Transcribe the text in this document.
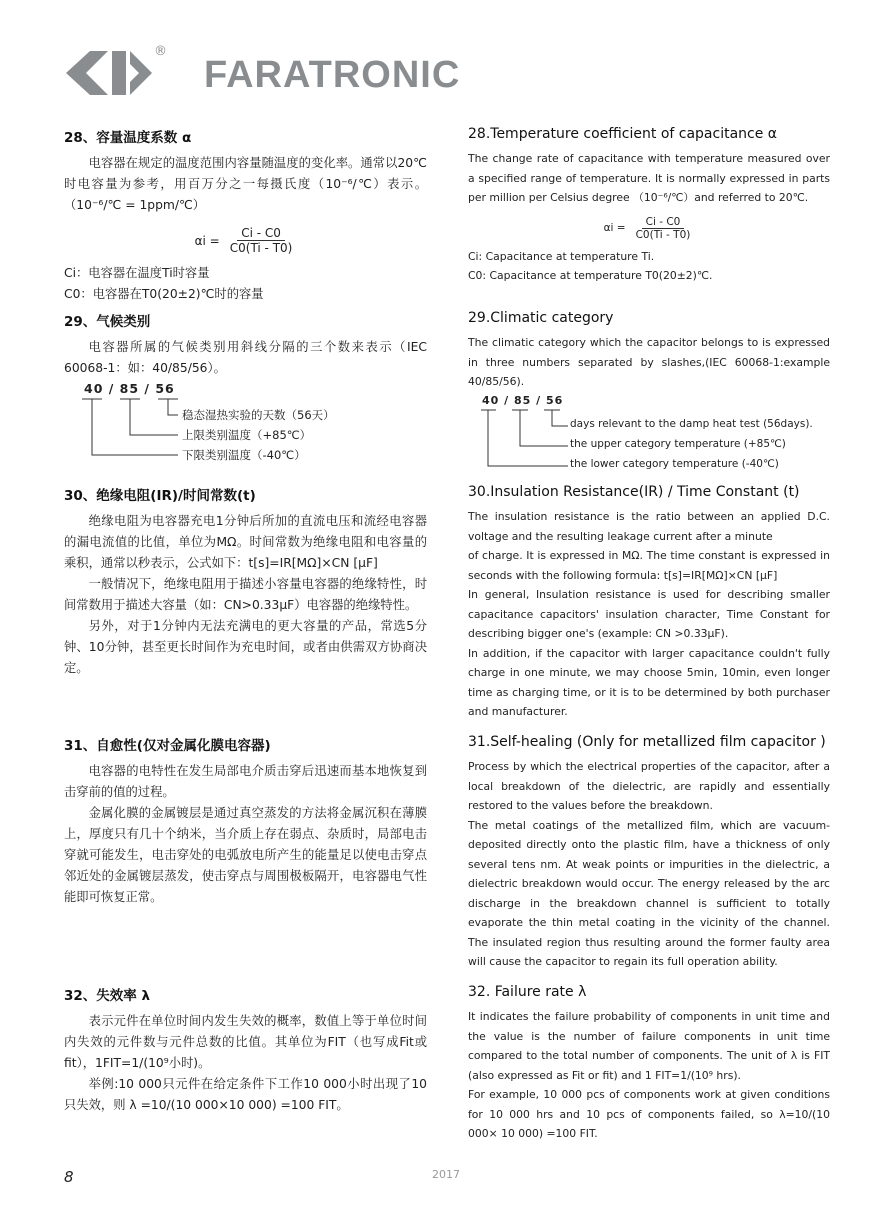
®
FARATRONIC
28、容量温度系数 α

电容器在规定的温度范围内容量随温度的变化率。通常以20℃时电容量为参考，用百万分之一每摄氏度（10⁻⁶/℃）表示。（10⁻⁶/℃ = 1ppm/℃）

$\alpha i = \frac{Ci - C0}{C0(Ti - T0)}$

Ci：电容器在温度Ti时容量

C0：电容器在T0(20±2)℃时的容量

29、气候类别

电容器所属的气候类别用斜线分隔的三个数来表示（IEC 60068-1：如：40/85/56）。

40 / 85 / 56
稳态湿热实验的天数（56天）
上限类别温度（+85℃）
下限类别温度（-40℃）
30、绝缘电阻(IR)/时间常数(t)

绝缘电阻为电容器充电1分钟后所加的直流电压和流经电容器的漏电流值的比值，单位为MΩ。时间常数为绝缘电阻和电容量的乘积，通常以秒表示，公式如下：t[s]=IR[MΩ]×CN [μF]

一般情况下，绝缘电阻用于描述小容量电容器的绝缘特性，时间常数用于描述大容量（如：CN>0.33μF）电容器的绝缘特性。

另外，对于1分钟内无法充满电的更大容量的产品，常选5分钟、10分钟，甚至更长时间作为充电时间，或者由供需双方协商决定。

31、自愈性(仅对金属化膜电容器)

电容器的电特性在发生局部电介质击穿后迅速而基本地恢复到击穿前的值的过程。

金属化膜的金属镀层是通过真空蒸发的方法将金属沉积在薄膜上，厚度只有几十个纳米，当介质上存在弱点、杂质时，局部电击穿就可能发生，电击穿处的电弧放电所产生的能量足以使电击穿点邻近处的金属镀层蒸发，使击穿点与周围极板隔开，电容器电气性能即可恢复正常。

32、失效率 λ

表示元件在单位时间内发生失效的概率，数值上等于单位时间内失效的元件数与元件总数的比值。其单位为FIT（也写成Fit或fit），1FIT=1/(10⁹小时)。

举例:10 000只元件在给定条件下工作10 000小时出现了10只失效，则 λ =10/(10 000×10 000) =100 FIT。

28.Temperature coefficient of capacitance α

The change rate of capacitance with temperature measured over a specified range of temperature. It is normally expressed in parts per million per Celsius degree （10⁻⁶/℃）and referred to 20℃.

$\alpha i = \frac{Ci - C0}{C0(Ti - T0)}$

Ci: Capacitance at temperature Ti.

C0: Capacitance at temperature T0(20±2)℃.

29.Climatic category

The climatic category which the capacitor belongs to is expressed in three numbers separated by slashes,(IEC 60068-1:example 40/85/56).

40 / 85 / 56
days relevant to the damp heat test (56days).
the upper category temperature (+85℃)
the lower category temperature (-40℃)
30.Insulation Resistance(IR) / Time Constant (t)

The insulation resistance is the ratio between an applied D.C. voltage and the resulting leakage current after a minute

of charge. It is expressed in MΩ. The time constant is expressed in seconds with the following formula: t[s]=IR[MΩ]×CN [μF]

In general, Insulation resistance is used for describing smaller capacitance capacitors' insulation character, Time Constant for describing bigger one's (example: CN >0.33μF).

In addition, if the capacitor with larger capacitance couldn't fully charge in one minute, we may choose 5min, 10min, even longer time as charging time, or it is to be determined by both purchaser and manufacturer.

31.Self-healing (Only for metallized film capacitor )

Process by which the electrical properties of the capacitor, after a local breakdown of the dielectric, are rapidly and essentially restored to the values before the breakdown.

The metal coatings of the metallized film, which are vacuum-deposited directly onto the plastic film, have a thickness of only several tens nm. At weak points or impurities in the dielectric, a dielectric breakdown would occur. The energy released by the arc discharge in the breakdown channel is sufficient to totally evaporate the thin metal coating in the vicinity of the channel. The insulated region thus resulting around the former faulty area will cause the capacitor to regain its full operation ability.

32. Failure rate λ

It indicates the failure probability of components in unit time and the value is the number of failure components in unit time compared to the total number of components. The unit of λ is FIT (also expressed as Fit or fit) and 1 FIT=1/(10⁹ hrs).

For example, 10 000 pcs of components work at given conditions for 10 000 hrs and 10 pcs of components failed, so λ=10/(10 000× 10 000) =100 FIT.

8	2017
